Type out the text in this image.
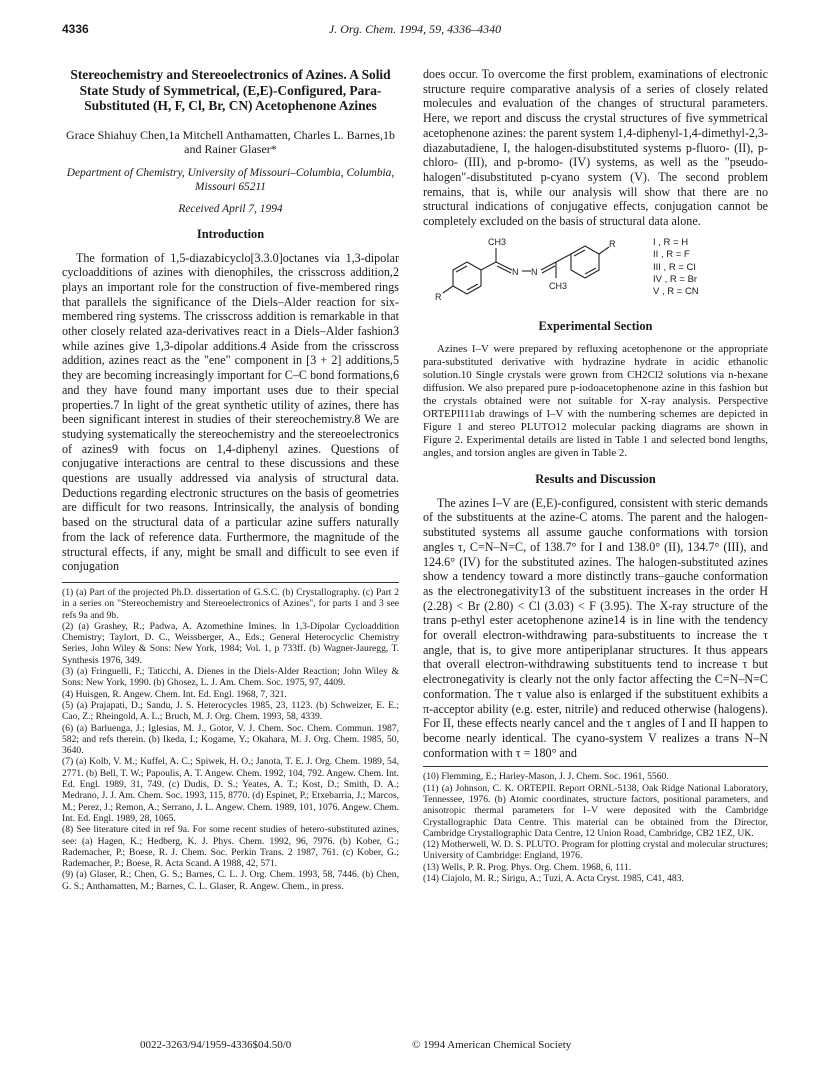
4336	J. Org. Chem. 1994, 59, 4336–4340
Stereochemistry and Stereoelectronics of Azines. A Solid State Study of Symmetrical, (E,E)-Configured, Para-Substituted (H, F, Cl, Br, CN) Acetophenone Azines

Grace Shiahuy Chen,1a Mitchell Anthamatten, Charles L. Barnes,1b and Rainer Glaser*

Department of Chemistry, University of Missouri–Columbia, Columbia, Missouri 65211

Received April 7, 1994

Introduction

The formation of 1,5-diazabicyclo[3.3.0]octanes via 1,3-dipolar cycloadditions of azines with dienophiles, the crisscross addition,2 plays an important role for the construction of five-membered rings that parallels the significance of the Diels–Alder reaction for six-membered ring systems. The crisscross addition is remarkable in that other closely related aza-derivatives react in a Diels–Alder fashion3 while azines give 1,3-dipolar additions.4 Aside from the crisscross addition, azines react as the "ene" component in [3 + 2] additions,5 they are becoming increasingly important for C–C bond formations,6 and they have found many important uses due to their special properties.7 In light of the great synthetic utility of azines, there has been significant interest in studies of their stereochemistry.8 We are studying systematically the stereochemistry and the stereoelectronics of azines9 with focus on 1,4-diphenyl azines. Questions of conjugative interactions are central to these discussions and these questions are usually addressed via analysis of structural data. Deductions regarding electronic structures on the basis of geometries are difficult for two reasons. Intrinsically, the analysis of bonding based on the structural data of a particular azine suffers naturally from the lack of reference data. Furthermore, the magnitude of the structural effects, if any, might be small and difficult to see even if conjugation

(1) (a) Part of the projected Ph.D. dissertation of G.S.C. (b) Crystallography. (c) Part 2 in a series on "Stereochemistry and Stereoelectronics of Azines", for parts 1 and 3 see refs 9a and 9b.

(2) (a) Grashey, R.; Padwa, A. Azomethine Imines. In 1,3-Dipolar Cycloaddition Chemistry; Taylort, D. C., Weissberger, A., Eds.; General Heterocyclic Chemistry Series, John Wiley & Sons: New York, 1984; Vol. 1, p 733ff. (b) Wagner-Jauregg, T. Synthesis 1976, 349.

(3) (a) Fringuelli, F.; Taticchi, A. Dienes in the Diels-Alder Reaction; John Wiley & Sons: New York, 1990. (b) Ghosez, L. J. Am. Chem. Soc. 1975, 97, 4409.

(4) Huisgen, R. Angew. Chem. Int. Ed. Engl. 1968, 7, 321.

(5) (a) Prajapati, D.; Sandu, J. S. Heterocycles 1985, 23, 1123. (b) Schweizer, E. E.; Cao, Z.; Rheingold, A. L.; Bruch, M. J. Org. Chem. 1993, 58, 4339.

(6) (a) Barluenga, J.; Iglesias, M. J., Gotor, V. J. Chem. Soc. Chem. Commun. 1987, 582; and refs therein. (b) Ikeda, I.; Kogame, Y.; Okahara, M. J. Org. Chem. 1985, 50, 3640.

(7) (a) Kolb, V. M.; Kuffel, A. C.; Spiwek, H. O.; Janota, T. E. J. Org. Chem. 1989, 54, 2771. (b) Bell, T. W.; Papoulis, A. T. Angew. Chem. 1992, 104, 792. Angew. Chem. Int. Ed. Engl. 1989, 31, 749. (c) Dudis, D. S.; Yeates, A. T.; Kost, D.; Smith, D. A.; Medrano, J. J. Am. Chem. Soc. 1993, 115, 8770. (d) Espinet, P.; Etxebarria, J.; Marcos, M.; Perez, J.; Remon, A.; Serrano, J. L. Angew. Chem. 1989, 101, 1076. Angew. Chem. Int. Ed. Engl. 1989, 28, 1065.

(8) See literature cited in ref 9a. For some recent studies of hetero-substituted azines, see: (a) Hagen, K.; Hedberg, K. J. Phys. Chem. 1992, 96, 7976. (b) Kober, G.; Rademacher, P.; Boese, R. J. Chem. Soc. Perkin Trans. 2 1987, 761. (c) Kober, G.; Rademacher, P.; Boese, R. Acta Scand. A 1988, 42, 571.

(9) (a) Glaser, R.; Chen, G. S.; Barnes, C. L. J. Org. Chem. 1993, 58, 7446. (b) Chen, G. S.; Anthamatten, M.; Barnes, C. L. Glaser, R. Angew. Chem., in press.

does occur. To overcome the first problem, examinations of electronic structure require comparative analysis of a series of closely related molecules and evaluation of the changes of structural parameters. Here, we report and discuss the crystal structures of five symmetrical acetophenone azines: the parent system 1,4-diphenyl-1,4-dimethyl-2,3-diazabutadiene, I, the halogen-disubstituted systems p-fluoro- (II), p-chloro- (III), and p-bromo- (IV) systems, as well as the "pseudo-halogen"-disubstituted p-cyano system (V). The second problem remains, that is, while our analysis will show that there are no structural indications of conjugative effects, conjugation cannot be completely excluded on the basis of structural data alone.

CH3
N N
CH3
R
R
I , R = H
II , R = F
III , R = Cl
IV , R = Br
V , R = CN
Experimental Section

Azines I–V were prepared by refluxing acetophenone or the appropriate para-substituted derivative with hydrazine hydrate in acidic ethanolic solution.10 Single crystals were grown from CH2Cl2 solutions via n-hexane diffusion. We also prepared pure p-iodoacetophenone azine in this fashion but the crystals obtained were not suitable for X-ray analysis. Perspective ORTEPII11ab drawings of I–V with the numbering schemes are depicted in Figure 1 and stereo PLUTO12 molecular packing diagrams are shown in Figure 2. Experimental details are listed in Table 1 and selected bond lengths, angles, and torsion angles are given in Table 2.

Results and Discussion

The azines I–V are (E,E)-configured, consistent with steric demands of the substituents at the azine-C atoms. The parent and the halogen-substituted systems all assume gauche conformations with torsion angles τ, C=N–N=C, of 138.7° for I and 138.0° (II), 134.7° (III), and 124.6° (IV) for the substituted azines. The halogen-substituted azines show a tendency toward a more distinctly trans–gauche conformation as the electronegativity13 of the substituent increases in the order H (2.28) < Br (2.80) < Cl (3.03) < F (3.95). The X-ray structure of the trans p-ethyl ester acetophenone azine14 is in line with the tendency for overall electron-withdrawing para-substituents to increase the τ angle, that is, to give more antiperiplanar structures. It thus appears that overall electron-withdrawing substituents tend to increase τ but electronegativity is clearly not the only factor affecting the C=N–N=C conformation. The τ value also is enlarged if the substituent exhibits a π-acceptor ability (e.g. ester, nitrile) and reduced otherwise (halogens). For II, these effects nearly cancel and the τ angles of I and II happen to become nearly identical. The cyano-system V realizes a trans N–N conformation with τ = 180° and

(10) Flemming, E.; Harley-Mason, J. J. Chem. Soc. 1961, 5560.

(11) (a) Johnson, C. K. ORTEPII. Report ORNL-5138, Oak Ridge National Laboratory, Tennessee, 1976. (b) Atomic coordinates, structure factors, positional parameters, and anisotropic thermal parameters for I–V were deposited with the Cambridge Crystallographic Data Centre. This material can be obtained from the Director, Cambridge Crystallographic Data Centre, 12 Union Road, Cambridge, CB2 1EZ, UK.

(12) Motherwell, W. D. S. PLUTO. Program for plotting crystal and molecular structures; University of Cambridge: England, 1976.

(13) Wells, P. R. Prog. Phys. Org. Chem. 1968, 6, 111.

(14) Ciajolo, M. R.; Sirigu, A.; Tuzi, A. Acta Cryst. 1985, C41, 483.

0022-3263/94/1959-4336$04.50/0	© 1994 American Chemical Society
